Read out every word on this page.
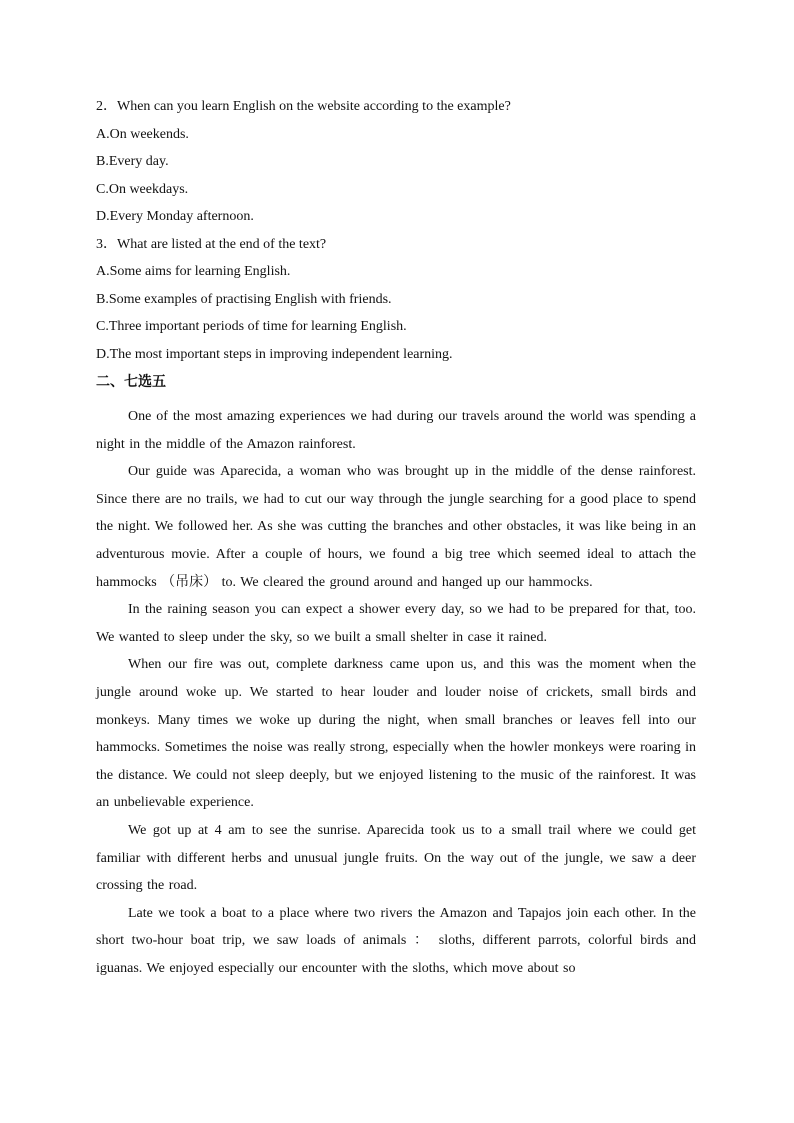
2．When can you learn English on the website according to the example?

A.On weekends.

B.Every day.

C.On weekdays.

D.Every Monday afternoon.

3．What are listed at the end of the text?

A.Some aims for learning English.

B.Some examples of practising English with friends.

C.Three important periods of time for learning English.

D.The most important steps in improving independent learning.

二、七选五

One of the most amazing experiences we had during our travels around the world was spending a night in the middle of the Amazon rainforest.

Our guide was Aparecida, a woman who was brought up in the middle of the dense rainforest. Since there are no trails, we had to cut our way through the jungle searching for a good place to spend the night. We followed her. As she was cutting the branches and other obstacles, it was like being in an adventurous movie. After a couple of hours, we found a big tree which seemed ideal to attach the hammocks （吊床） to. We cleared the ground around and hanged up our hammocks.

In the raining season you can expect a shower every day, so we had to be prepared for that, too. We wanted to sleep under the sky, so we built a small shelter in case it rained.

When our fire was out, complete darkness came upon us, and this was the moment when the jungle around woke up. We started to hear louder and louder noise of crickets, small birds and monkeys. Many times we woke up during the night, when small branches or leaves fell into our hammocks. Sometimes the noise was really strong, especially when the howler monkeys were roaring in the distance. We could not sleep deeply, but we enjoyed listening to the music of the rainforest. It was an unbelievable experience.

We got up at 4 am to see the sunrise. Aparecida took us to a small trail where we could get familiar with different herbs and unusual jungle fruits. On the way out of the jungle, we saw a deer crossing the road.

Late we took a boat to a place where two rivers the Amazon and Tapajos join each other. In the short two-hour boat trip, we saw loads of animals ： sloths, different parrots, colorful birds and iguanas. We enjoyed especially our encounter with the sloths, which move about so
